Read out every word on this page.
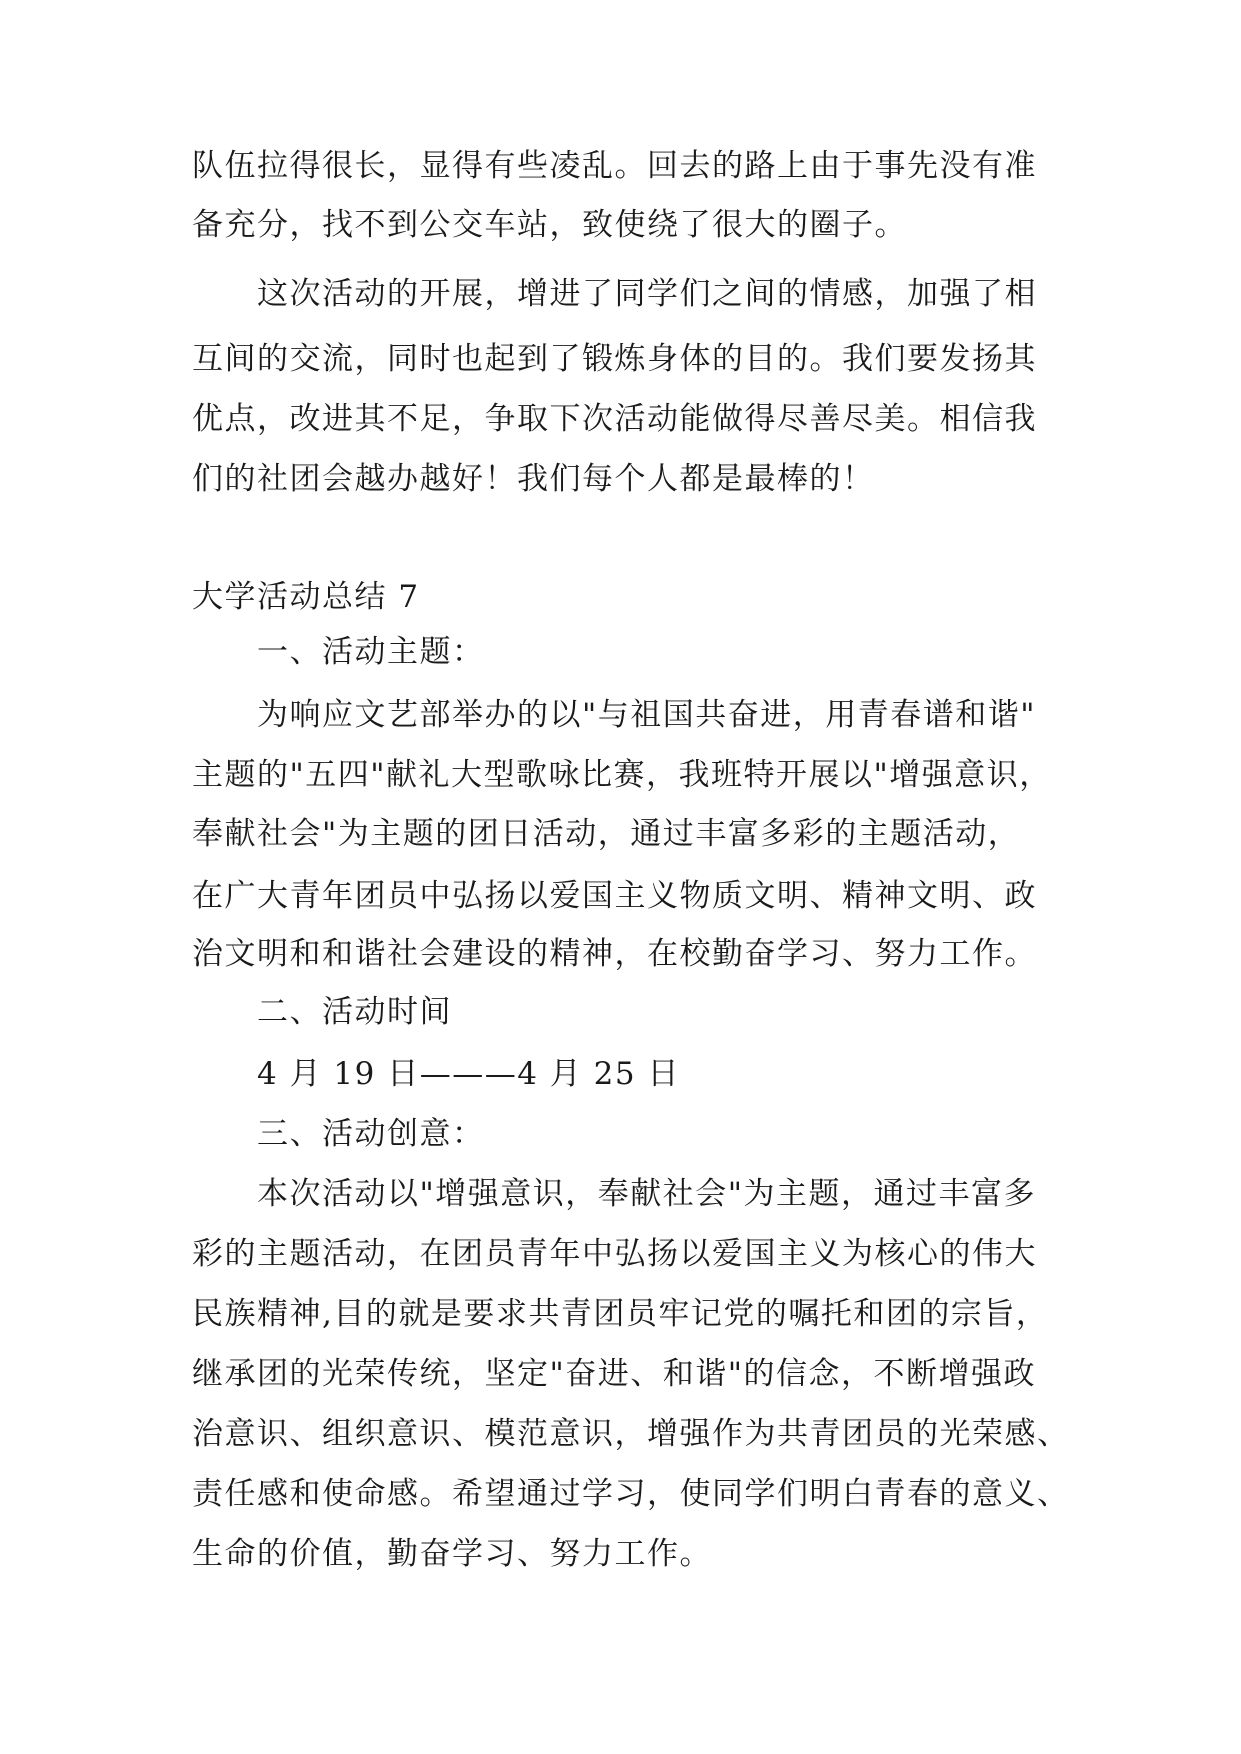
队伍拉得很长，显得有些凌乱。回去的路上由于事先没有准
备充分，找不到公交车站，致使绕了很大的圈子。
这次活动的开展，增进了同学们之间的情感，加强了相
互间的交流，同时也起到了锻炼身体的目的。我们要发扬其
优点，改进其不足，争取下次活动能做得尽善尽美。相信我
们的社团会越办越好！我们每个人都是最棒的！
大学活动总结 7
一、活动主题：
为响应文艺部举办的以"与祖国共奋进，用青春谱和谐"
主题的"五四"献礼大型歌咏比赛，我班特开展以"增强意识，
奉献社会"为主题的团日活动，通过丰富多彩的主题活动，
在广大青年团员中弘扬以爱国主义物质文明、精神文明、政
治文明和和谐社会建设的精神，在校勤奋学习、努力工作。
二、活动时间
4 月 19 日———4 月 25 日
三、活动创意：
本次活动以"增强意识，奉献社会"为主题，通过丰富多
彩的主题活动，在团员青年中弘扬以爱国主义为核心的伟大
民族精神,目的就是要求共青团员牢记党的嘱托和团的宗旨，
继承团的光荣传统，坚定"奋进、和谐"的信念，不断增强政
治意识、组织意识、模范意识，增强作为共青团员的光荣感、
责任感和使命感。希望通过学习，使同学们明白青春的意义、
生命的价值，勤奋学习、努力工作。
